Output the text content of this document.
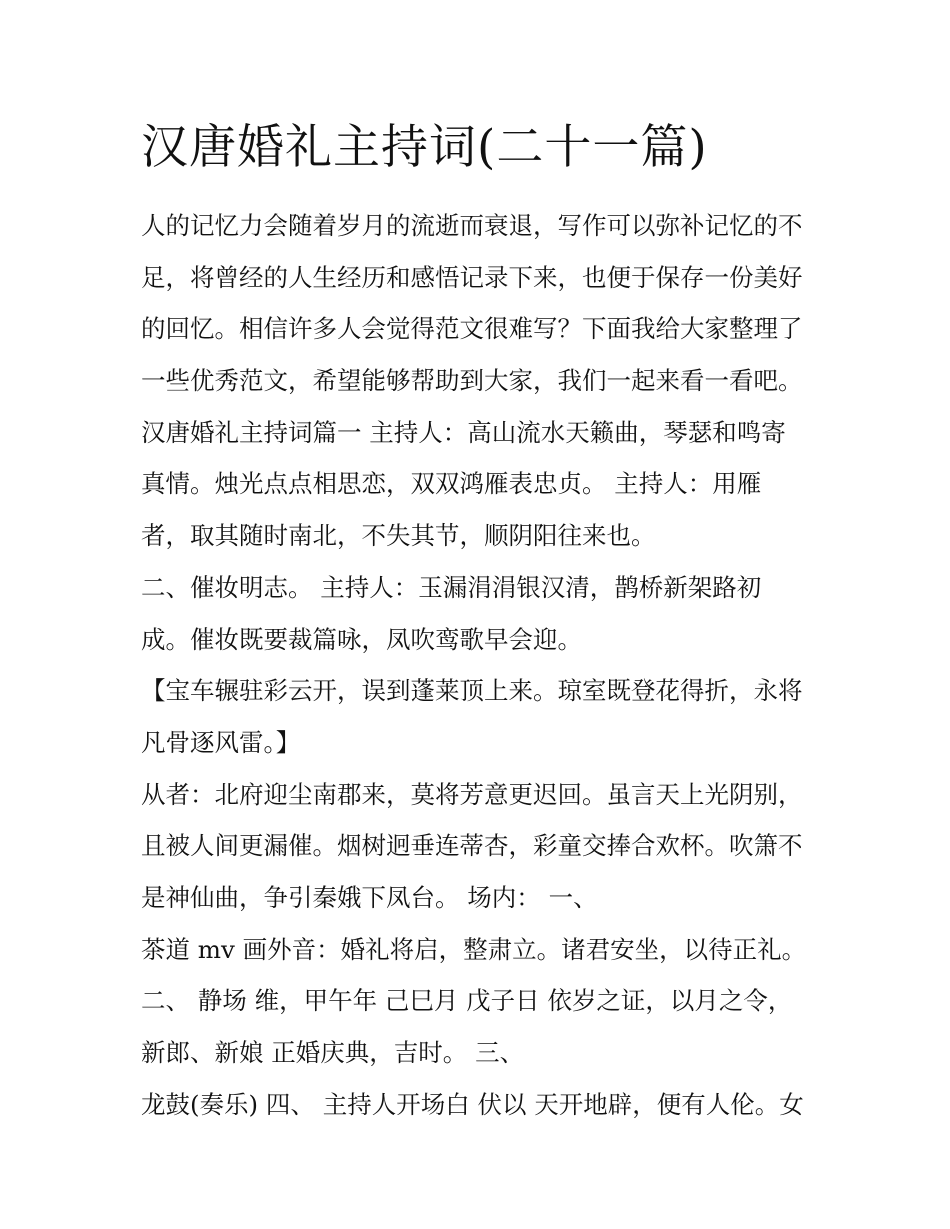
汉唐婚礼主持词(二十一篇)
人的记忆力会随着岁月的流逝而衰退，写作可以弥补记忆的不
足，将曾经的人生经历和感悟记录下来，也便于保存一份美好
的回忆。相信许多人会觉得范文很难写？下面我给大家整理了
一些优秀范文，希望能够帮助到大家，我们一起来看一看吧。
汉唐婚礼主持词篇一 主持人：高山流水天籁曲，琴瑟和鸣寄
真情。烛光点点相思恋，双双鸿雁表忠贞。 主持人：用雁
者，取其随时南北，不失其节，顺阴阳往来也。
二、催妆明志。 主持人：玉漏涓涓银汉清，鹊桥新架路初
成。催妆既要裁篇咏，凤吹鸾歌早会迎。
【宝车辗驻彩云开，误到蓬莱顶上来。琼室既登花得折，永将
凡骨逐风雷。】
从者：北府迎尘南郡来，莫将芳意更迟回。虽言天上光阴别，
且被人间更漏催。烟树迥垂连蒂杏，彩童交捧合欢杯。吹箫不
是神仙曲，争引秦娥下凤台。 场内： 一、
茶道 mv 画外音：婚礼将启，整肃立。诸君安坐，以待正礼。
二、 静场 维，甲午年 己巳月 戊子日 依岁之证，以月之令，
新郎、新娘 正婚庆典，吉时。 三、
龙鼓(奏乐) 四、 主持人开场白 伏以 天开地辟，便有人伦。女
